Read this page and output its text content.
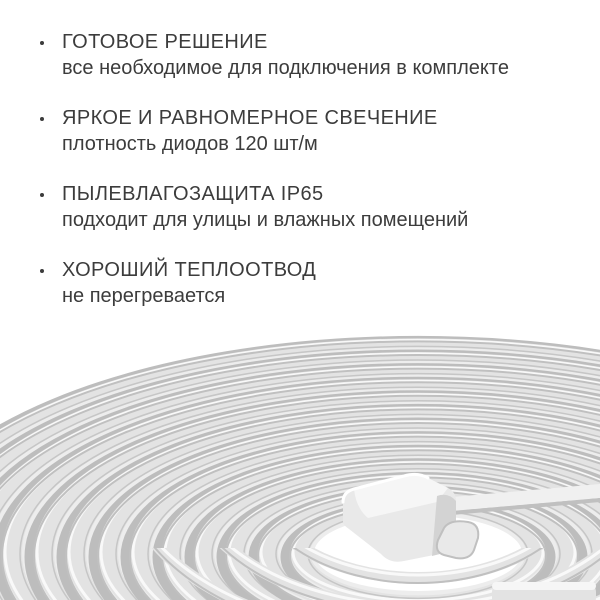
ГОТОВОЕ РЕШЕНИЕ
все необходимое для подключения в комплекте
ЯРКОЕ И РАВНОМЕРНОЕ СВЕЧЕНИЕ
плотность диодов 120 шт/м
ПЫЛЕВЛАГОЗАЩИТА IP65
подходит для улицы и влажных помещений
ХОРОШИЙ ТЕПЛООТВОД
не перегревается
